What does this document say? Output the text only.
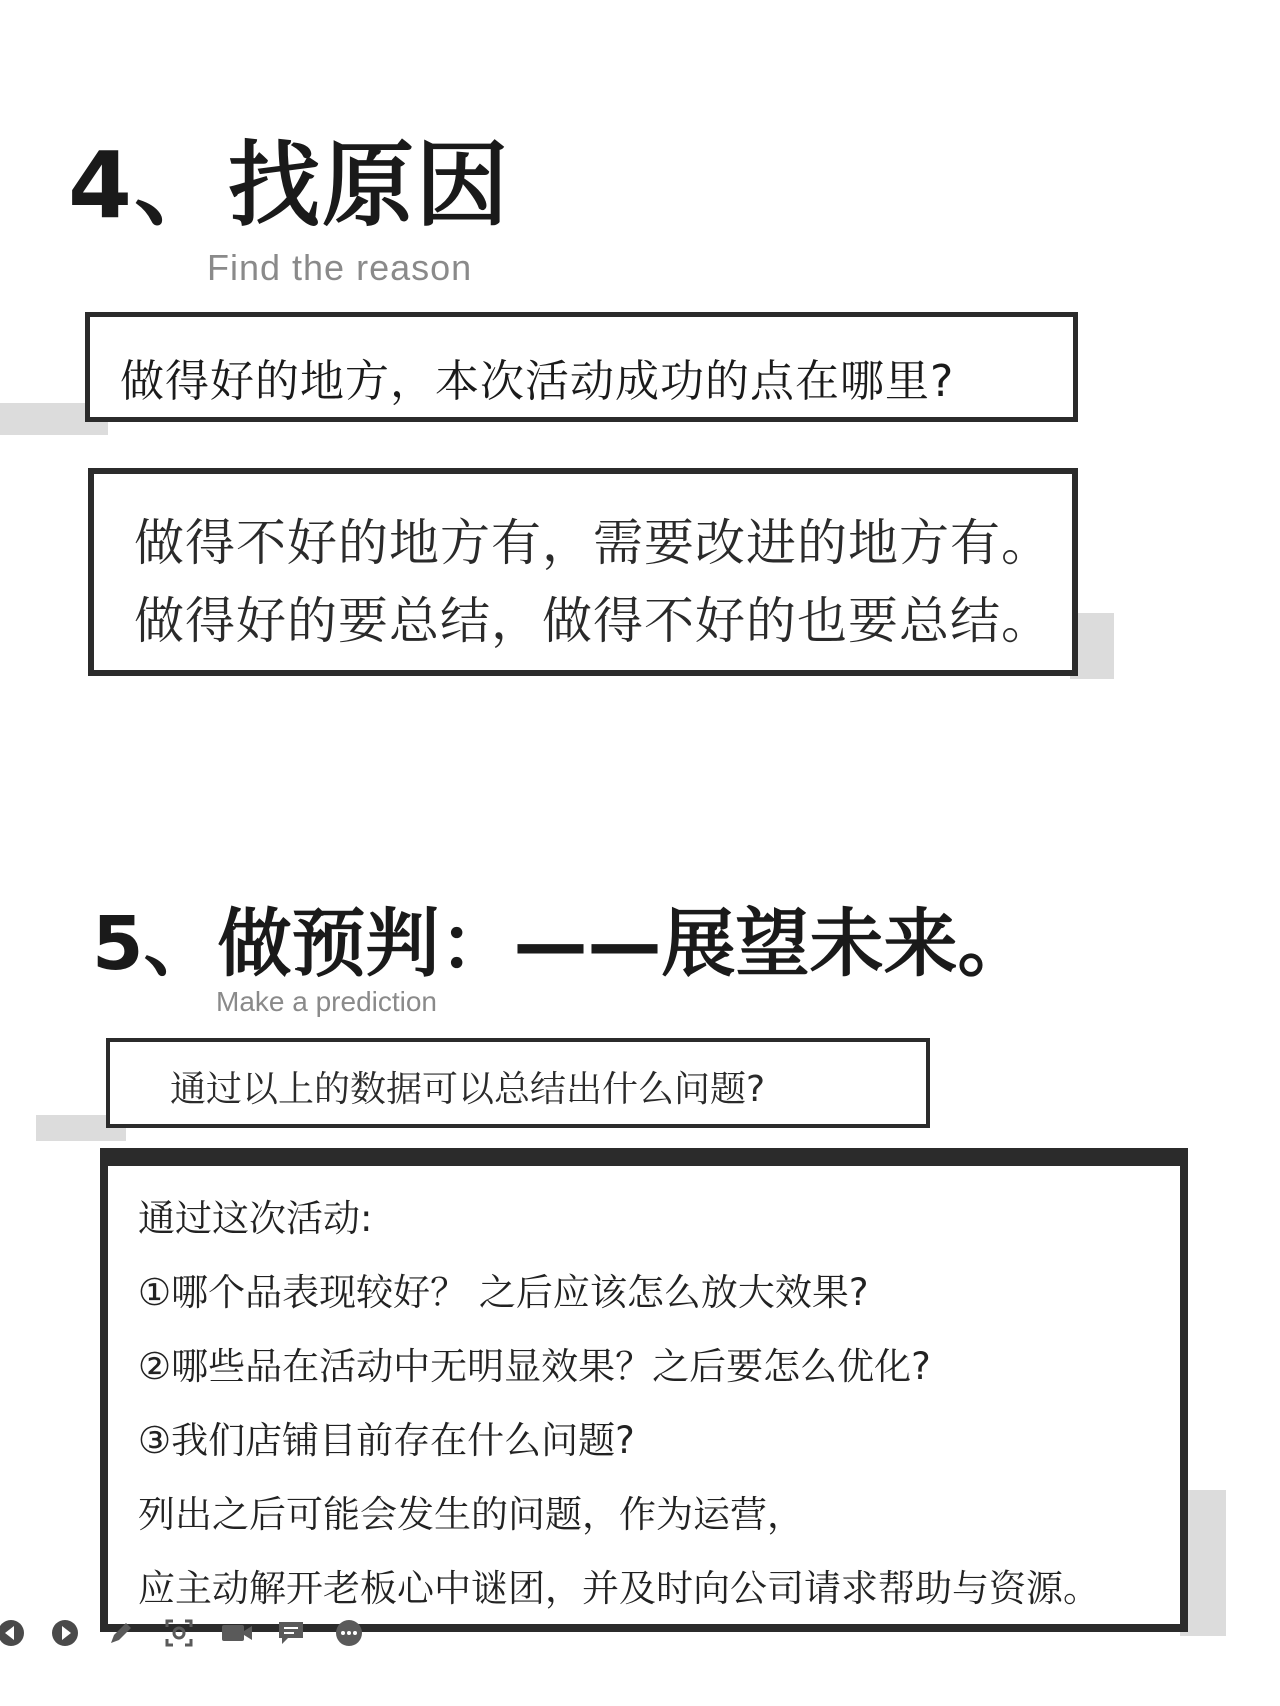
4、找原因
Find the reason
做得好的地方，本次活动成功的点在哪里?
做得不好的地方有，需要改进的地方有。
做得好的要总结，做得不好的也要总结。
5、做预判：——展望未来。
Make a prediction
通过以上的数据可以总结出什么问题?
通过这次活动:
①哪个品表现较好？ 之后应该怎么放大效果?
②哪些品在活动中无明显效果？之后要怎么优化?
③我们店铺目前存在什么问题?
列出之后可能会发生的问题，作为运营，
应主动解开老板心中谜团，并及时向公司请求帮助与资源。
